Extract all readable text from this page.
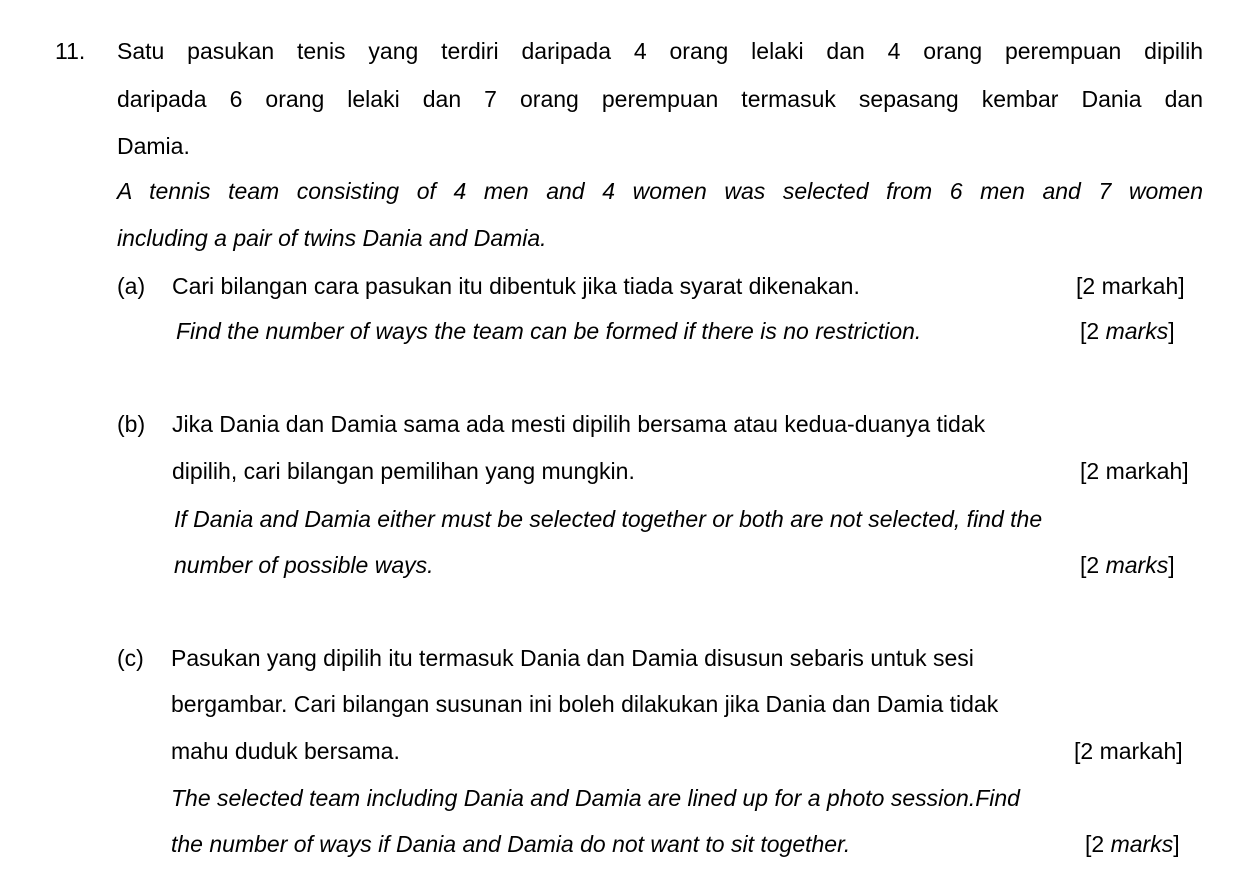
11. Satu pasukan tenis yang terdiri daripada 4 orang lelaki dan 4 orang perempuan dipilih
daripada 6 orang lelaki dan 7 orang perempuan termasuk sepasang kembar Dania dan
Damia.
A tennis team consisting of 4 men and 4 women was selected from 6 men and 7 women
including a pair of twins Dania and Damia.
(a) Cari bilangan cara pasukan itu dibentuk jika tiada syarat dikenakan.	[2 markah]
Find the number of ways the team can be formed if there is no restriction.	[2 marks]
(b) Jika Dania dan Damia sama ada mesti dipilih bersama atau kedua-duanya tidak
dipilih, cari bilangan pemilihan yang mungkin.	[2 markah]
If Dania and Damia either must be selected together or both are not selected, find the
number of possible ways.	[2 marks]
(c) Pasukan yang dipilih itu termasuk Dania dan Damia disusun sebaris untuk sesi
bergambar. Cari bilangan susunan ini boleh dilakukan jika Dania dan Damia tidak
mahu duduk bersama.	[2 markah]
The selected team including Dania and Damia are lined up for a photo session.Find
the number of ways if Dania and Damia do not want to sit together.	[2 marks]
